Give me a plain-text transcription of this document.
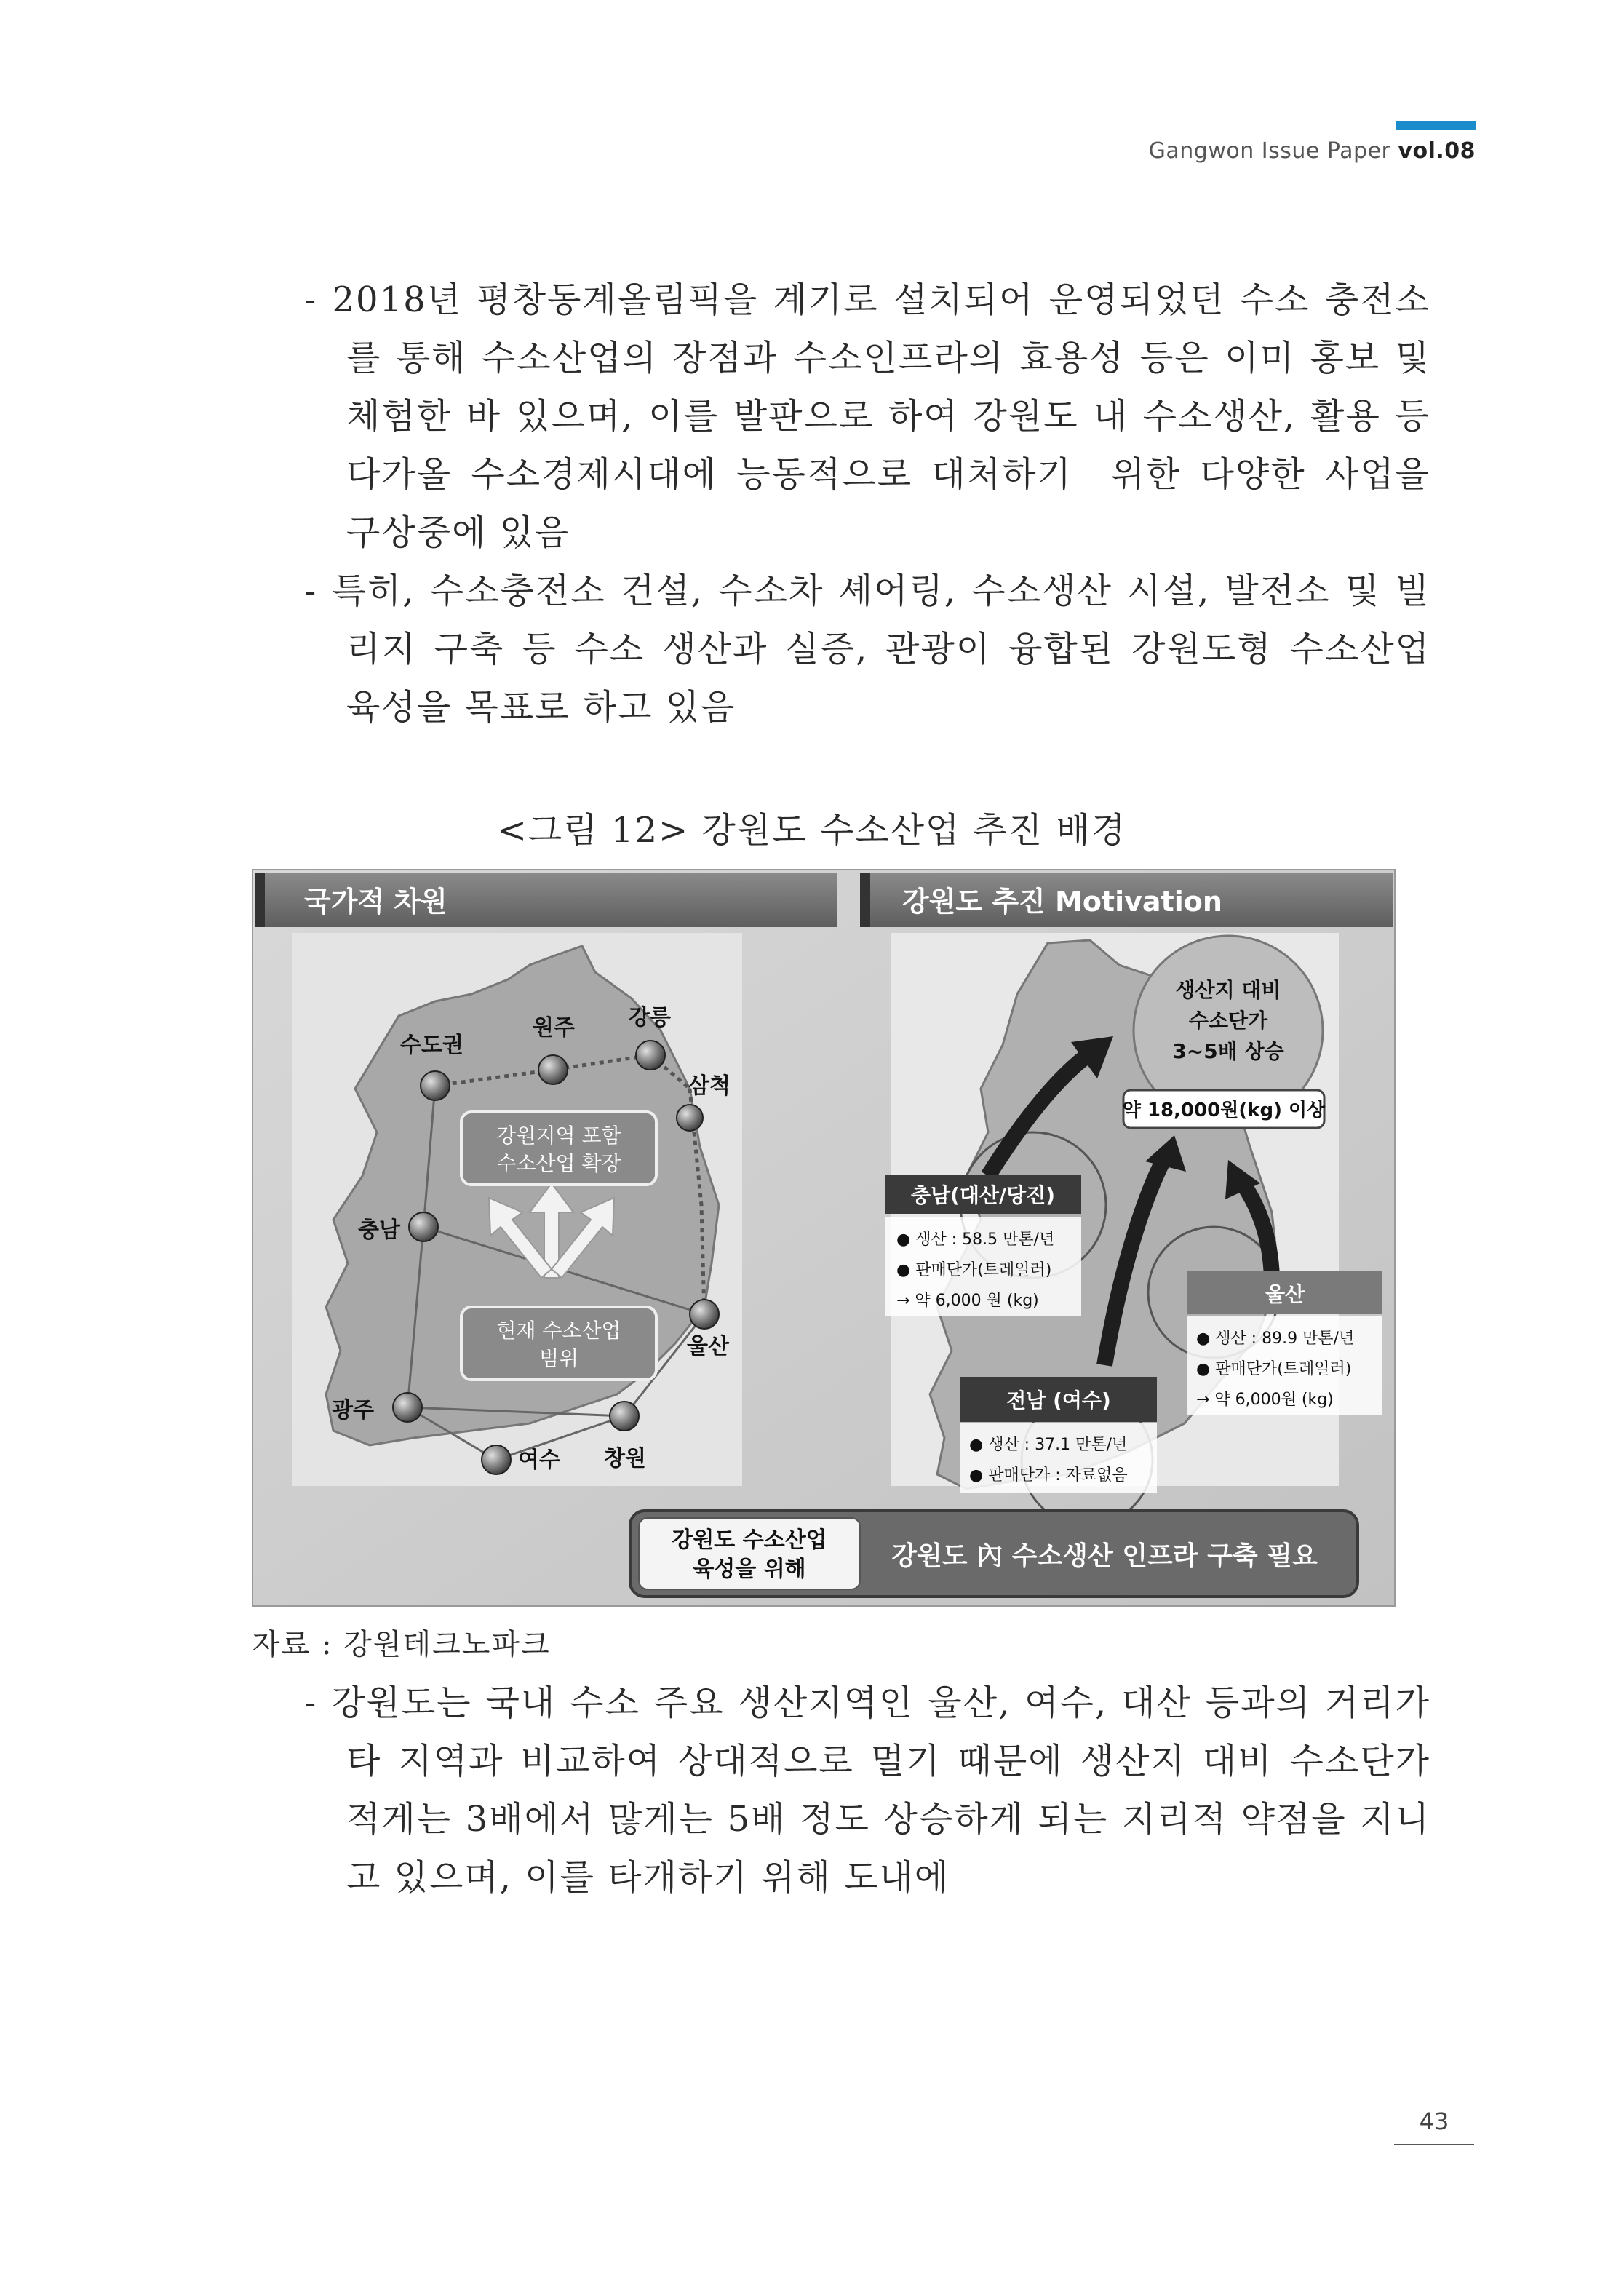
Gangwon Issue Paper vol.08
- 2018년 평창동계올림픽을 계기로 설치되어 운영되었던 수소 충전소를 통해 수소산업의 장점과 수소인프라의 효용성 등은 이미 홍보 및 체험한 바 있으며, 이를 발판으로 하여 강원도 내 수소생산, 활용 등 다가올 수소경제시대에 능동적으로 대처하기  위한 다양한 사업을 구상중에 있음
- 특히, 수소충전소 건설, 수소차 셰어링, 수소생산 시설, 발전소 및 빌리지 구축 등 수소 생산과 실증, 관광이 융합된 강원도형 수소산업 육성을 목표로 하고 있음
<그림 12> 강원도 수소산업 추진 배경
국가적 차원	강원도 추진 Motivation
강원지역 포함
수소산업 확장
현재 수소산업
범위
수도권
원주 강릉
삼척
충남
울산
광주
여수 창원
생산지 대비
수소단가
3~5배 상승
약 18,000원(kg) 이상
충남(대산/당진)
● 생산 : 58.5 만톤/년
● 판매단가(트레일러)
→ 약 6,000 원 (kg)	울산
● 생산 : 89.9 만톤/년
● 판매단가(트레일러)
→ 약 6,000원 (kg)
전남 (여수)
● 생산 : 37.1 만톤/년
● 판매단가 : 자료없음
강원도 수소산업
육성을 위해	강원도 內 수소생산 인프라 구축 필요
자료 : 강원테크노파크
- 강원도는 국내 수소 주요 생산지역인 울산, 여수, 대산 등과의 거리가 타 지역과 비교하여 상대적으로 멀기 때문에 생산지 대비 수소단가 적게는 3배에서 많게는 5배 정도 상승하게 되는 지리적 약점을 지니고 있으며, 이를 타개하기 위해 도내에
43
